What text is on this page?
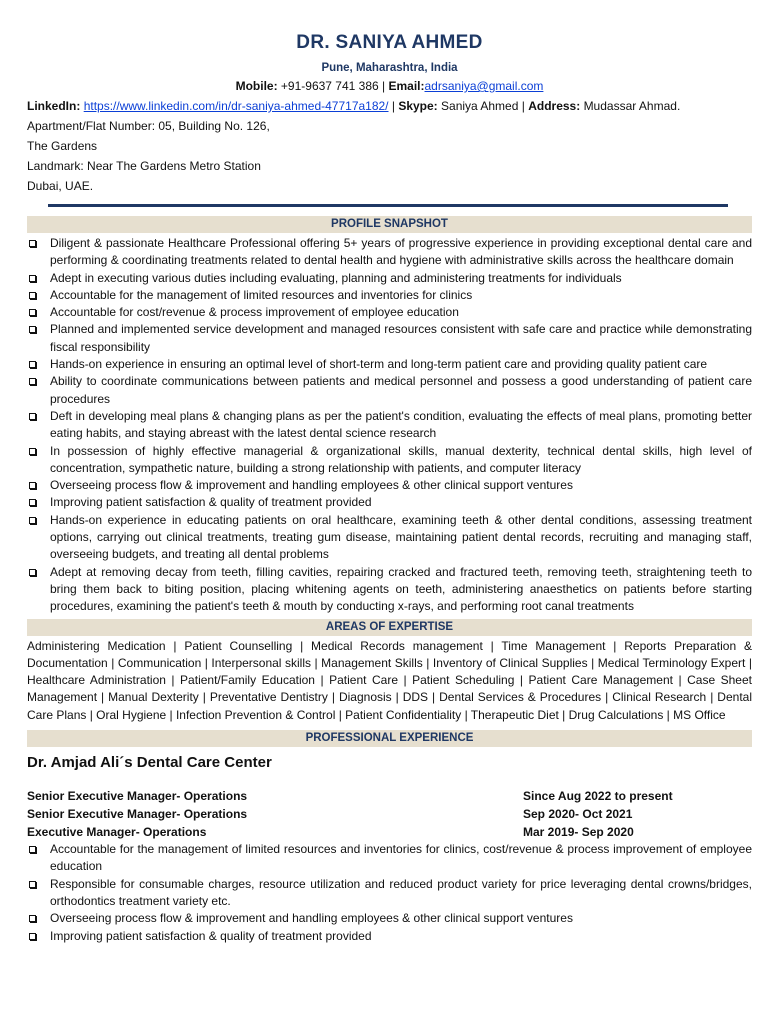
DR. SANIYA AHMED
Pune, Maharashtra, India
Mobile: +91-9637 741 386 | Email:adrsaniya@gmail.com
LinkedIn: https://www.linkedin.com/in/dr-saniya-ahmed-47717a182/ | Skype: Saniya Ahmed | Address: Mudassar Ahmad.
Apartment/Flat Number: 05, Building No. 126,
The Gardens
Landmark: Near The Gardens Metro Station
Dubai, UAE.
PROFILE SNAPSHOT
Diligent & passionate Healthcare Professional offering 5+ years of progressive experience in providing exceptional dental care and performing & coordinating treatments related to dental health and hygiene with administrative skills across the healthcare domain
Adept in executing various duties including evaluating, planning and administering treatments for individuals
Accountable for the management of limited resources and inventories for clinics
Accountable for cost/revenue & process improvement of employee education
Planned and implemented service development and managed resources consistent with safe care and practice while demonstrating fiscal responsibility
Hands-on experience in ensuring an optimal level of short-term and long-term patient care and providing quality patient care
Ability to coordinate communications between patients and medical personnel and possess a good understanding of patient care procedures
Deft in developing meal plans & changing plans as per the patient's condition, evaluating the effects of meal plans, promoting better eating habits, and staying abreast with the latest dental science research
In possession of highly effective managerial & organizational skills, manual dexterity, technical dental skills, high level of concentration, sympathetic nature, building a strong relationship with patients, and computer literacy
Overseeing process flow & improvement and handling employees & other clinical support ventures
Improving patient satisfaction & quality of treatment provided
Hands-on experience in educating patients on oral healthcare, examining teeth & other dental conditions, assessing treatment options, carrying out clinical treatments, treating gum disease, maintaining patient dental records, recruiting and managing staff, overseeing budgets, and treating all dental problems
Adept at removing decay from teeth, filling cavities, repairing cracked and fractured teeth, removing teeth, straightening teeth to bring them back to biting position, placing whitening agents on teeth, administering anaesthetics on patients before starting procedures, examining the patient's teeth & mouth by conducting x-rays, and performing root canal treatments
AREAS OF EXPERTISE
Administering Medication | Patient Counselling | Medical Records management | Time Management | Reports Preparation & Documentation | Communication | Interpersonal skills | Management Skills | Inventory of Clinical Supplies | Medical Terminology Expert | Healthcare Administration | Patient/Family Education | Patient Care | Patient Scheduling | Patient Care Management | Case Sheet Management | Manual Dexterity | Preventative Dentistry | Diagnosis | DDS | Dental Services & Procedures | Clinical Research | Dental Care Plans | Oral Hygiene | Infection Prevention & Control | Patient Confidentiality | Therapeutic Diet | Drug Calculations | MS Office
PROFESSIONAL EXPERIENCE
Dr. Amjad Ali´s Dental Care Center
Senior Executive Manager- Operations	Since Aug 2022 to present
Senior Executive Manager- Operations	Sep 2020- Oct 2021
Executive Manager- Operations	Mar 2019- Sep 2020
Accountable for the management of limited resources and inventories for clinics, cost/revenue & process improvement of employee education
Responsible for consumable charges, resource utilization and reduced product variety for price leveraging dental crowns/bridges, orthodontics treatment variety etc.
Overseeing process flow & improvement and handling employees & other clinical support ventures
Improving patient satisfaction & quality of treatment provided
